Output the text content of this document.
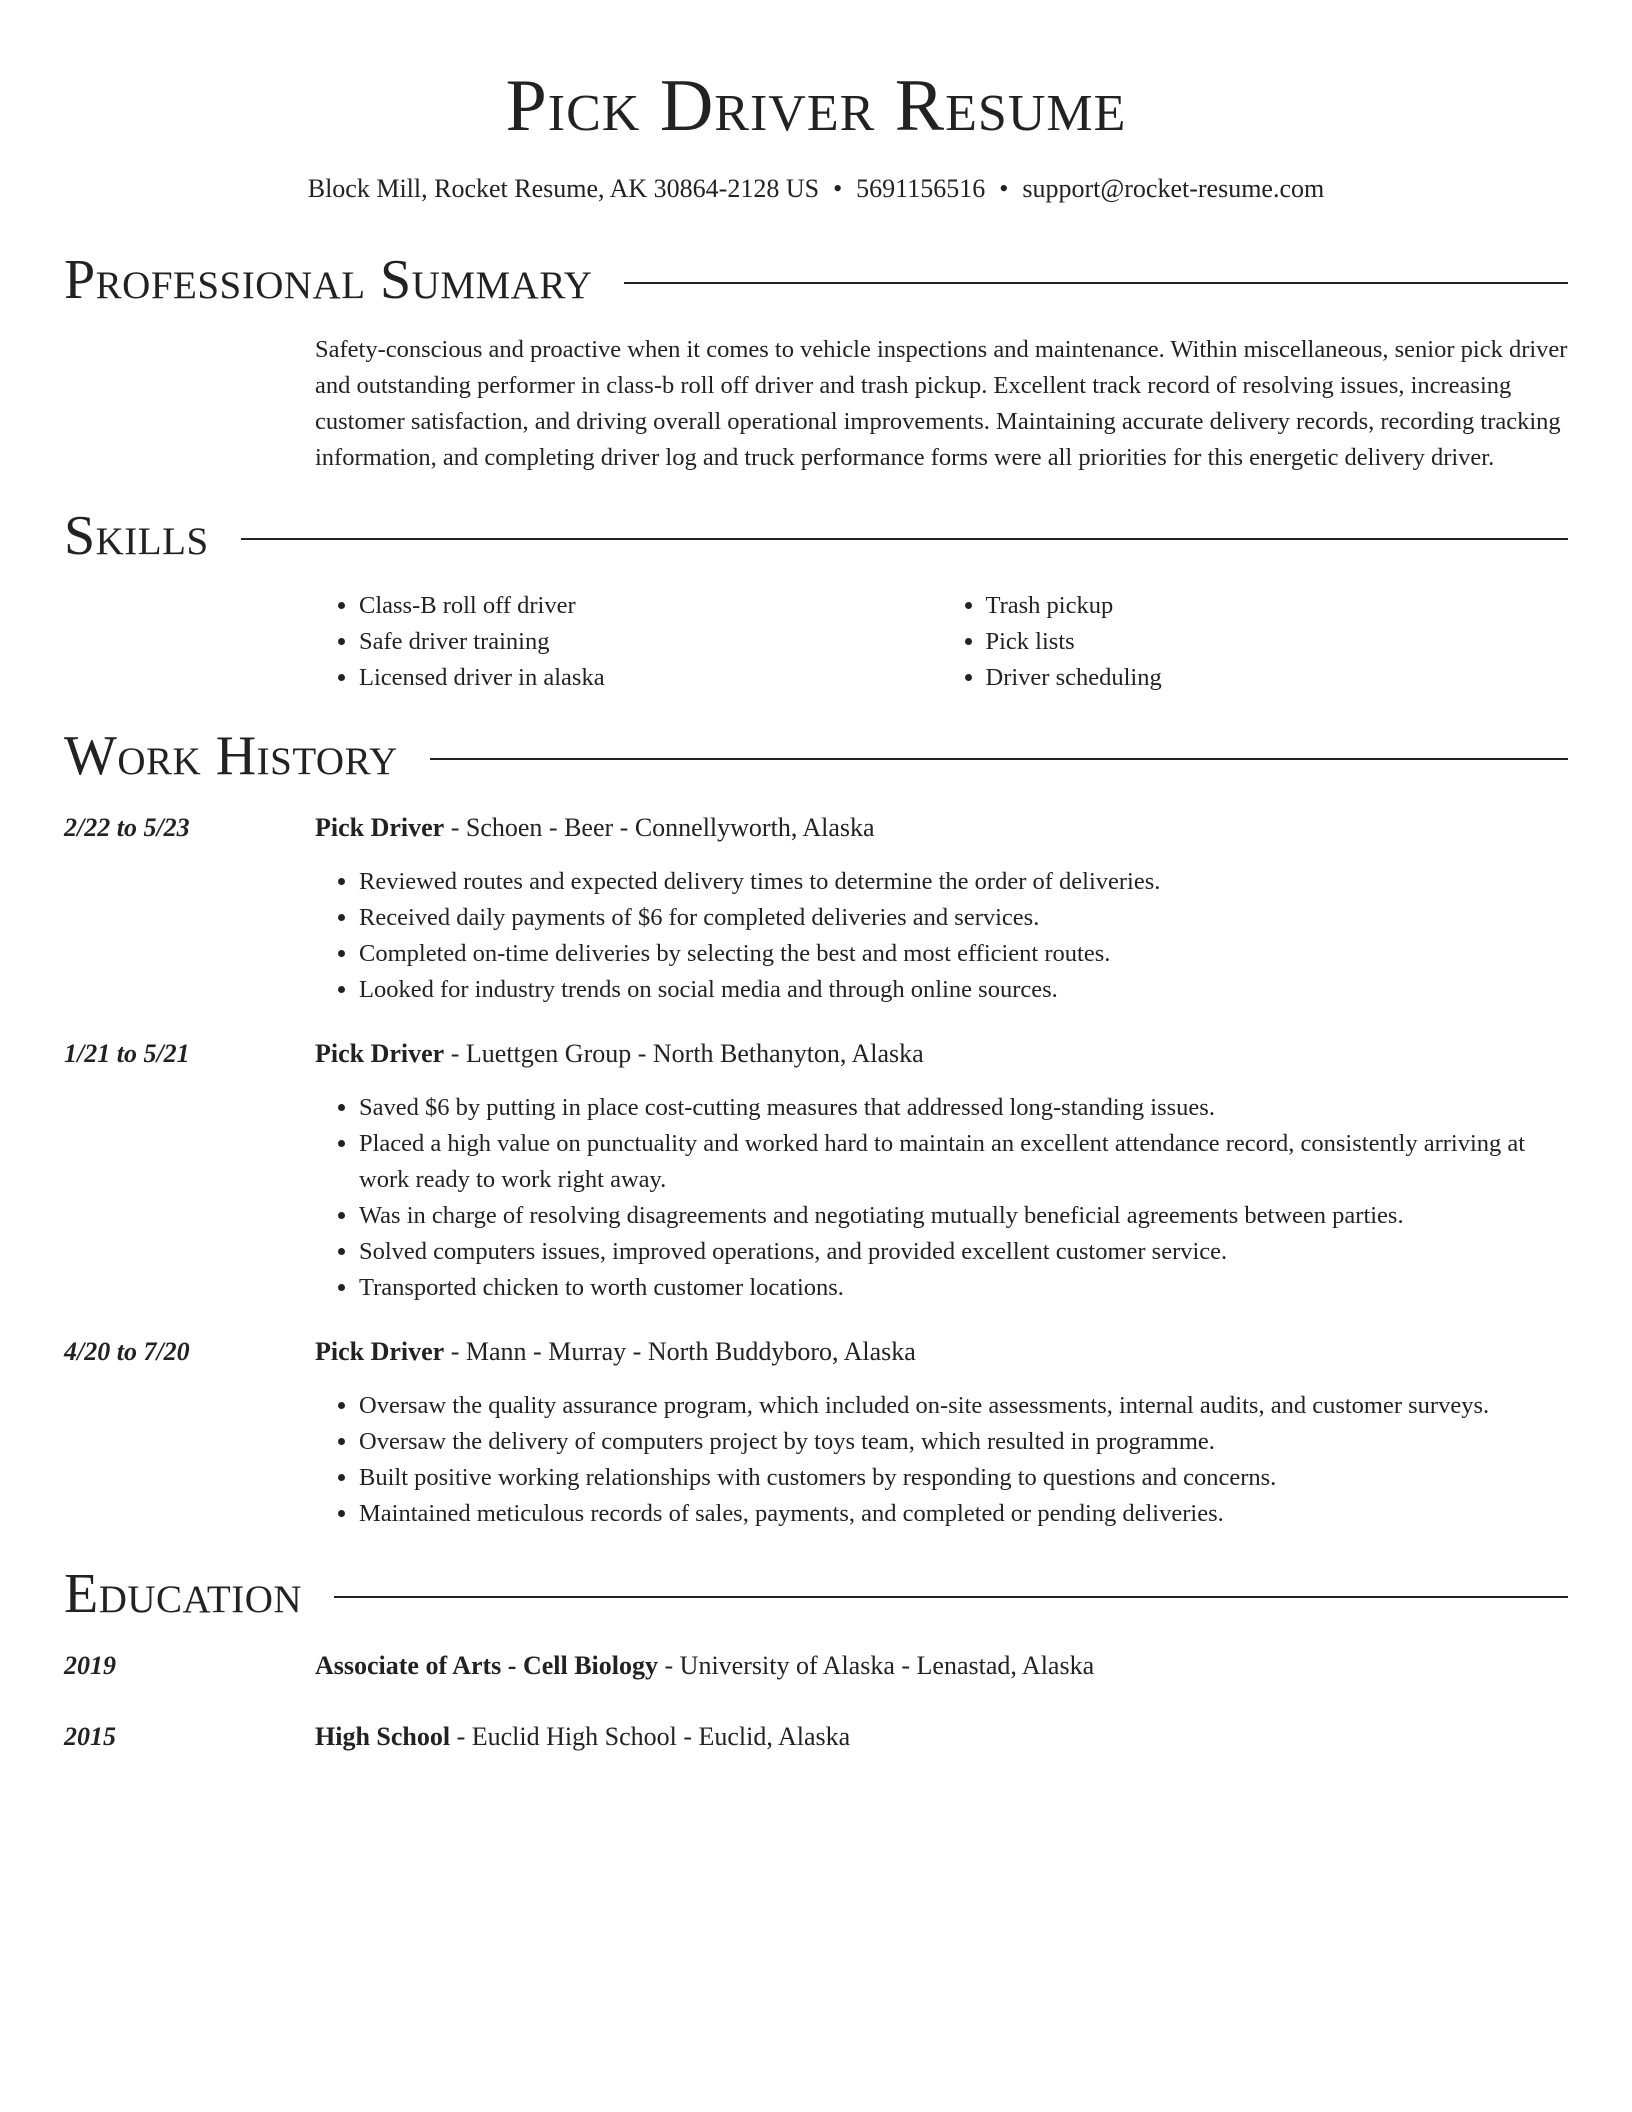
Pick Driver Resume
Block Mill, Rocket Resume, AK 30864-2128 US • 5691156516 • support@rocket-resume.com
Professional Summary
Safety-conscious and proactive when it comes to vehicle inspections and maintenance. Within miscellaneous, senior pick driver and outstanding performer in class-b roll off driver and trash pickup. Excellent track record of resolving issues, increasing customer satisfaction, and driving overall operational improvements. Maintaining accurate delivery records, recording tracking information, and completing driver log and truck performance forms were all priorities for this energetic delivery driver.
Skills
• Class-B roll off driver
• Safe driver training
• Licensed driver in alaska
• Trash pickup
• Pick lists
• Driver scheduling
Work History
2/22 to 5/23	Pick Driver - Schoen - Beer - Connellyworth, Alaska
• Reviewed routes and expected delivery times to determine the order of deliveries.
• Received daily payments of $6 for completed deliveries and services.
• Completed on-time deliveries by selecting the best and most efficient routes.
• Looked for industry trends on social media and through online sources.
1/21 to 5/21	Pick Driver - Luettgen Group - North Bethanyton, Alaska
• Saved $6 by putting in place cost-cutting measures that addressed long-standing issues.
• Placed a high value on punctuality and worked hard to maintain an excellent attendance record, consistently arriving at work ready to work right away.
• Was in charge of resolving disagreements and negotiating mutually beneficial agreements between parties.
• Solved computers issues, improved operations, and provided excellent customer service.
• Transported chicken to worth customer locations.
4/20 to 7/20	Pick Driver - Mann - Murray - North Buddyboro, Alaska
• Oversaw the quality assurance program, which included on-site assessments, internal audits, and customer surveys.
• Oversaw the delivery of computers project by toys team, which resulted in programme.
• Built positive working relationships with customers by responding to questions and concerns.
• Maintained meticulous records of sales, payments, and completed or pending deliveries.
Education
2019	Associate of Arts - Cell Biology - University of Alaska - Lenastad, Alaska
2015	High School - Euclid High School - Euclid, Alaska
